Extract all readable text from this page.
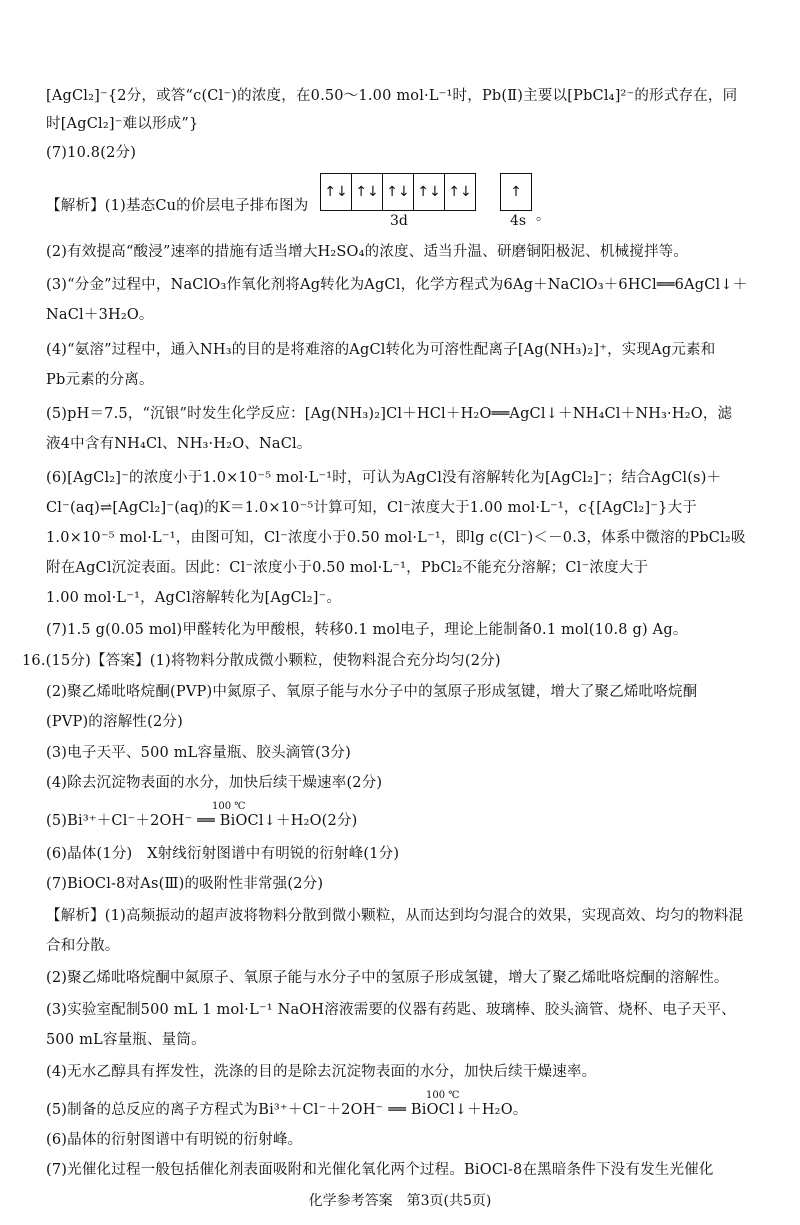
[AgCl₂]⁻{2分，或答“c(Cl⁻)的浓度，在0.50～1.00 mol·L⁻¹时，Pb(Ⅱ)主要以[PbCl₄]²⁻的形式存在，同
时[AgCl₂]⁻难以形成”}
(7)10.8(2分)
【解析】(1)基态Cu的价层电子排布图为
↑↓ ↑↓ ↑↓ ↑↓ ↑↓
3d
↑
4s 。
(2)有效提高“酸浸”速率的措施有适当增大H₂SO₄的浓度、适当升温、研磨铜阳极泥、机械搅拌等。
(3)“分金”过程中，NaClO₃作氧化剂将Ag转化为AgCl，化学方程式为6Ag＋NaClO₃＋6HCl══6AgCl↓＋
NaCl＋3H₂O。
(4)“氨溶”过程中，通入NH₃的目的是将难溶的AgCl转化为可溶性配离子[Ag(NH₃)₂]⁺，实现Ag元素和
Pb元素的分离。
(5)pH＝7.5，“沉银”时发生化学反应：[Ag(NH₃)₂]Cl＋HCl＋H₂O══AgCl↓＋NH₄Cl＋NH₃·H₂O，滤
液4中含有NH₄Cl、NH₃·H₂O、NaCl。
(6)[AgCl₂]⁻的浓度小于1.0×10⁻⁵ mol·L⁻¹时，可认为AgCl没有溶解转化为[AgCl₂]⁻；结合AgCl(s)＋
Cl⁻(aq)⇌[AgCl₂]⁻(aq)的K＝1.0×10⁻⁵计算可知，Cl⁻浓度大于1.00 mol·L⁻¹，c{[AgCl₂]⁻}大于
1.0×10⁻⁵ mol·L⁻¹，由图可知，Cl⁻浓度小于0.50 mol·L⁻¹，即lg c(Cl⁻)＜－0.3，体系中微溶的PbCl₂吸
附在AgCl沉淀表面。因此：Cl⁻浓度小于0.50 mol·L⁻¹，PbCl₂不能充分溶解；Cl⁻浓度大于
1.00 mol·L⁻¹，AgCl溶解转化为[AgCl₂]⁻。
(7)1.5 g(0.05 mol)甲醛转化为甲酸根，转移0.1 mol电子，理论上能制备0.1 mol(10.8 g) Ag。
16.(15分)【答案】(1)将物料分散成微小颗粒，使物料混合充分均匀(2分)
(2)聚乙烯吡咯烷酮(PVP)中氮原子、氧原子能与水分子中的氢原子形成氢键，增大了聚乙烯吡咯烷酮
(PVP)的溶解性(2分)
(3)电子天平、500 mL容量瓶、胶头滴管(3分)
(4)除去沉淀物表面的水分，加快后续干燥速率(2分)
(5)Bi³⁺＋Cl⁻＋2OH⁻ ══ BiOCl↓＋H₂O(2分)
100 ℃
(6)晶体(1分)　X射线衍射图谱中有明锐的衍射峰(1分)
(7)BiOCl-8对As(Ⅲ)的吸附性非常强(2分)
【解析】(1)高频振动的超声波将物料分散到微小颗粒，从而达到均匀混合的效果，实现高效、均匀的物料混
合和分散。
(2)聚乙烯吡咯烷酮中氮原子、氧原子能与水分子中的氢原子形成氢键，增大了聚乙烯吡咯烷酮的溶解性。
(3)实验室配制500 mL 1 mol·L⁻¹ NaOH溶液需要的仪器有药匙、玻璃棒、胶头滴管、烧杯、电子天平、
500 mL容量瓶、量筒。
(4)无水乙醇具有挥发性，洗涤的目的是除去沉淀物表面的水分，加快后续干燥速率。
(5)制备的总反应的离子方程式为Bi³⁺＋Cl⁻＋2OH⁻ ══ BiOCl↓＋H₂O。
100 ℃
(6)晶体的衍射图谱中有明锐的衍射峰。
(7)光催化过程一般包括催化剂表面吸附和光催化氧化两个过程。BiOCl-8在黑暗条件下没有发生光催化
化学参考答案　第3页(共5页)
